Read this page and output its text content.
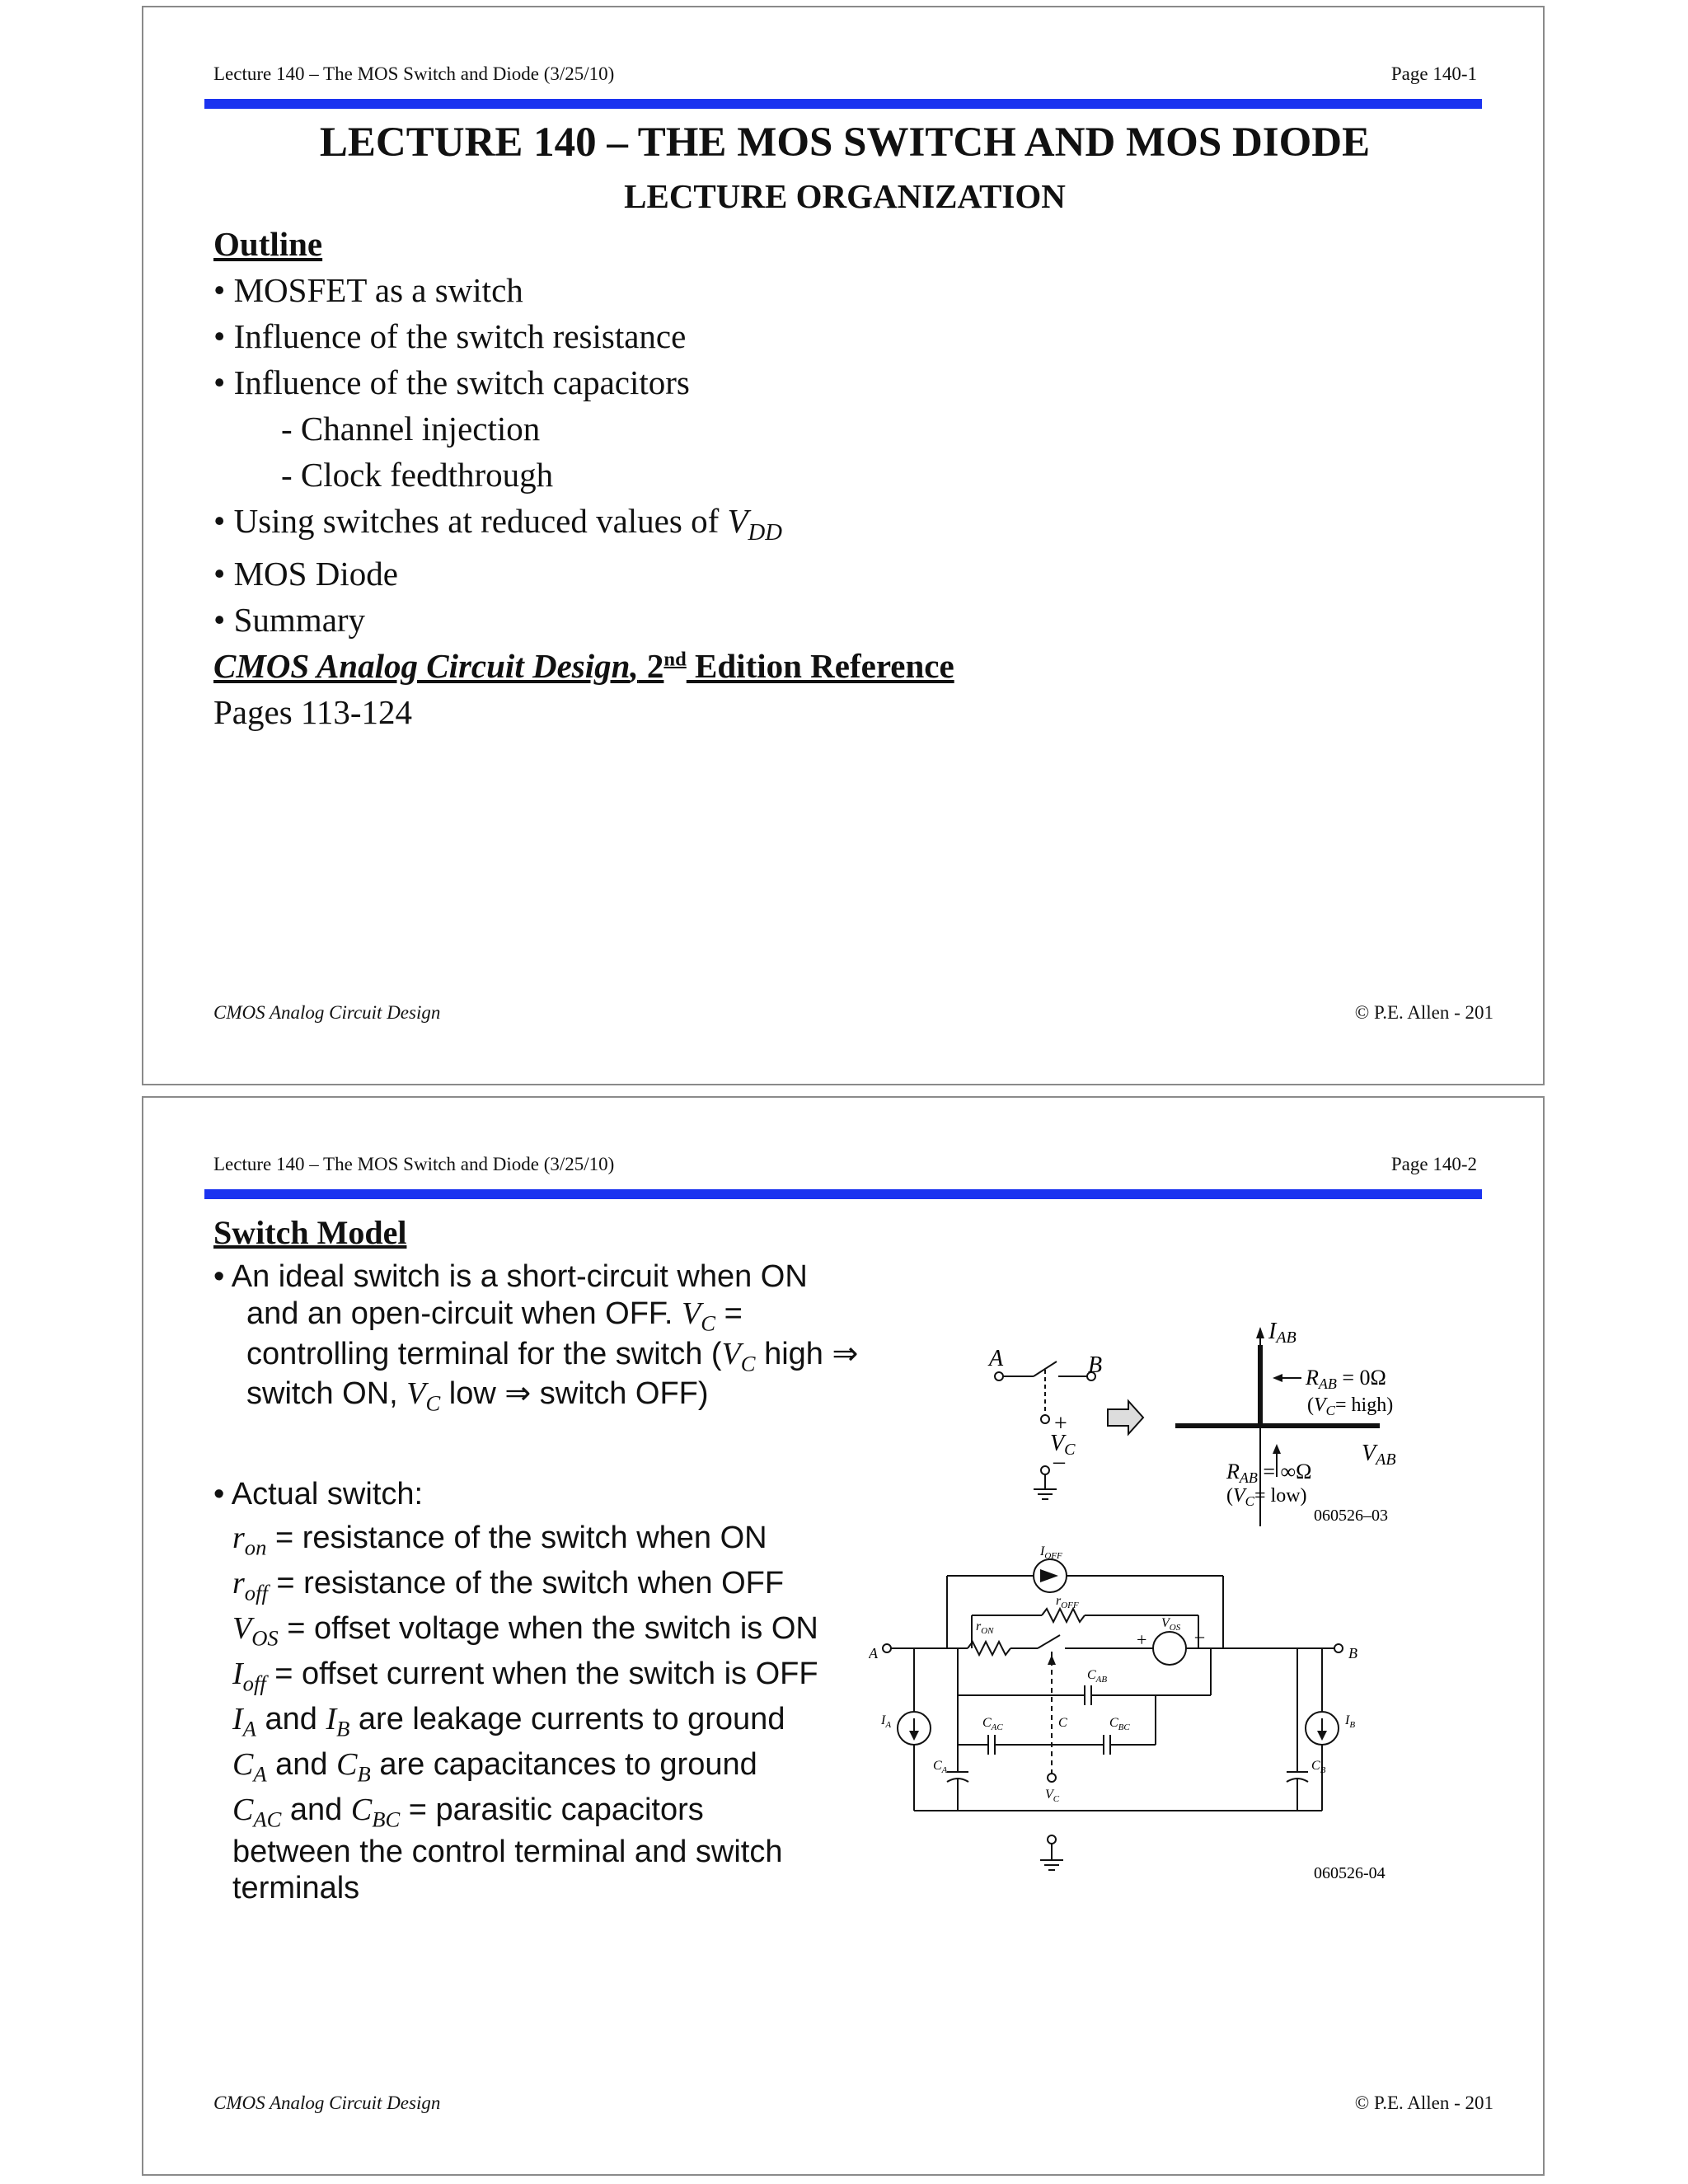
Lecture 140 – The MOS Switch and Diode (3/25/10)	Page 140-1
LECTURE 140 – THE MOS SWITCH AND MOS DIODE
LECTURE ORGANIZATION
Outline
• MOSFET as a switch
• Influence of the switch resistance
• Influence of the switch capacitors
- Channel injection
- Clock feedthrough
• Using switches at reduced values of $V_{DD}$
• MOS Diode
• Summary
CMOS Analog Circuit Design, 2nd Edition Reference
Pages 113-124
CMOS Analog Circuit Design	© P.E. Allen - 201
Lecture 140 – The MOS Switch and Diode (3/25/10)	Page 140-2
Switch Model
• An ideal switch is a short-circuit when ON
and an open-circuit when OFF. $V_C$ =
controlling terminal for the switch ($V_C$ high ⇒
switch ON, $V_C$ low ⇒ switch OFF)
• Actual switch:
$r_{on}$ = resistance of the switch when ON
$r_{off}$ = resistance of the switch when OFF
$V_{OS}$ = offset voltage when the switch is ON
$I_{off}$ = offset current when the switch is OFF
$I_A$ and $I_B$ are leakage currents to ground
$C_A$ and $C_B$ are capacitances to ground
$C_{AC}$ and $C_{BC}$ = parasitic capacitors
between the control terminal and switch
terminals
A	B
+
VC
–
IAB
VAB
RAB = 0Ω
($V_C=$ high)
RAB = ∞Ω
$(V_C= low)$
060526–03
A	B
$I_{OFF}$
$r_{OFF}$
$r_{ON}$	+	–
$V_{OS}$
$C_{AB}$
$C_{AC}$	C	$C_{BC}$
$I_A$	$I_B$
$C_A$	$C_B$
$V_C$
060526-04
CMOS Analog Circuit Design	© P.E. Allen - 201
